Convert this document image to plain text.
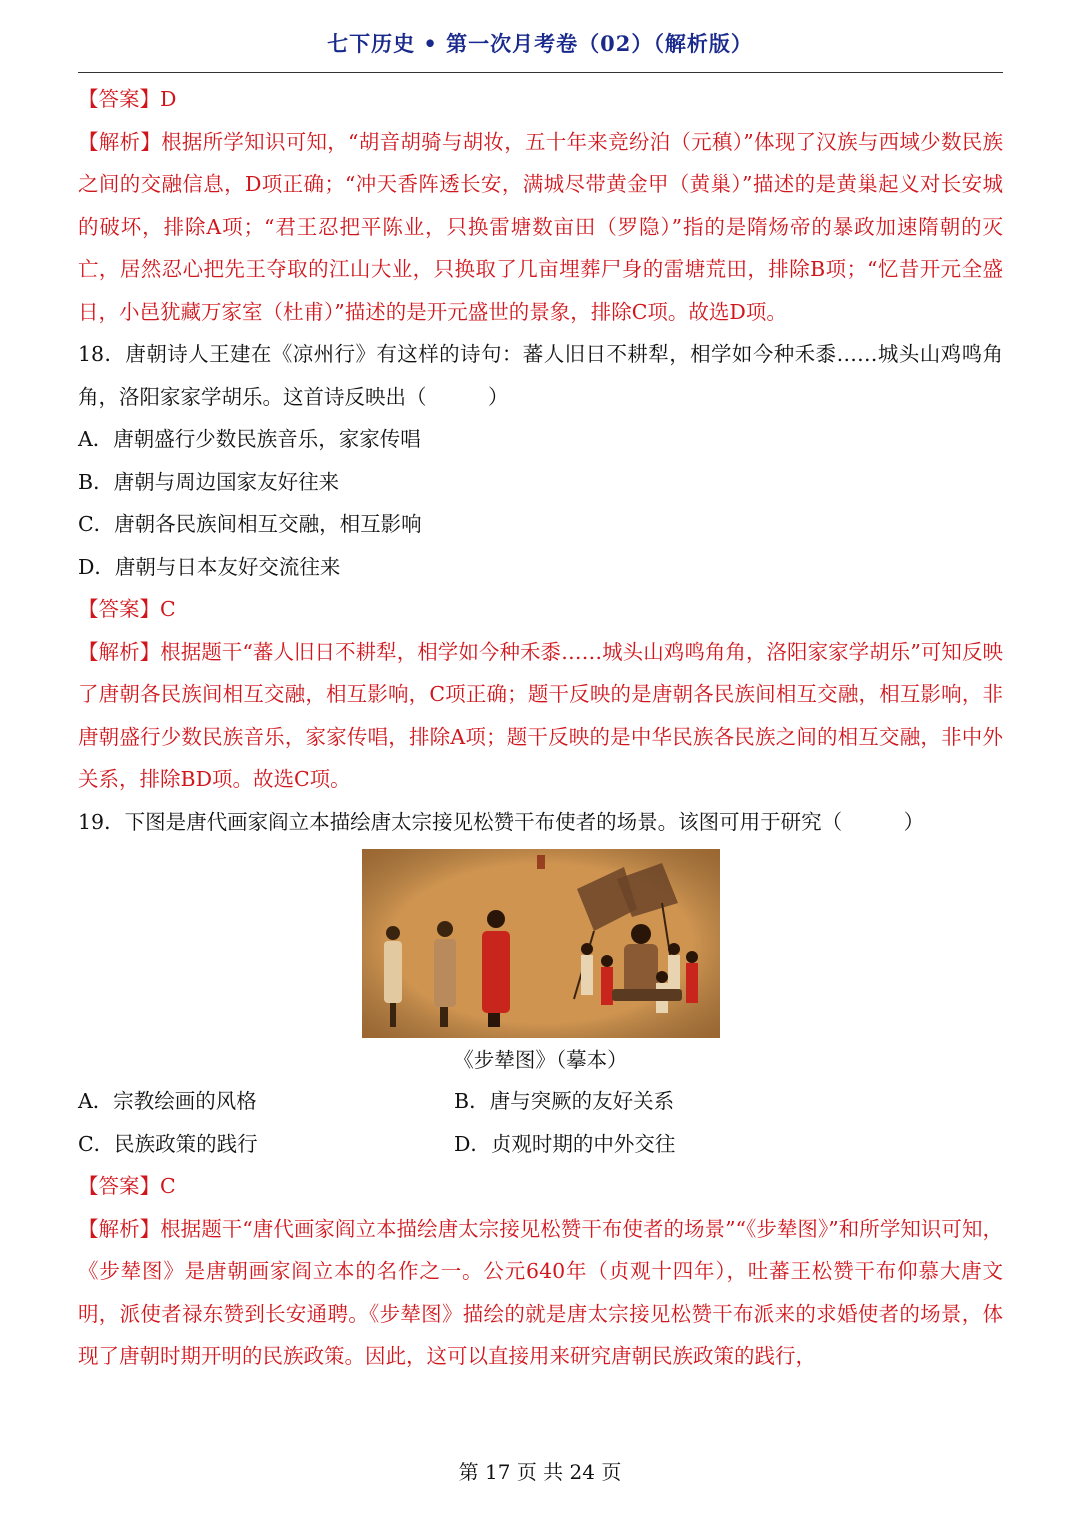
七下历史 • 第一次月考卷（02）（解析版）

【答案】D

【解析】根据所学知识可知，“胡音胡骑与胡妆，五十年来竞纷泊（元稹）”体现了汉族与西域少数民族之间的交融信息，D项正确；“冲天香阵透长安，满城尽带黄金甲（黄巢）”描述的是黄巢起义对长安城的破坏，排除A项；“君王忍把平陈业，只换雷塘数亩田（罗隐）”指的是隋炀帝的暴政加速隋朝的灭亡，居然忍心把先王夺取的江山大业，只换取了几亩埋葬尸身的雷塘荒田，排除B项；“忆昔开元全盛日，小邑犹藏万家室（杜甫）”描述的是开元盛世的景象，排除C项。故选D项。

18．唐朝诗人王建在《凉州行》有这样的诗句：蕃人旧日不耕犁，相学如今种禾黍……城头山鸡鸣角角，洛阳家家学胡乐。这首诗反映出（　　　）

A．唐朝盛行少数民族音乐，家家传唱

B．唐朝与周边国家友好往来

C．唐朝各民族间相互交融，相互影响

D．唐朝与日本友好交流往来

【答案】C

【解析】根据题干“蕃人旧日不耕犁，相学如今种禾黍……城头山鸡鸣角角，洛阳家家学胡乐”可知反映了唐朝各民族间相互交融，相互影响，C项正确；题干反映的是唐朝各民族间相互交融，相互影响，非唐朝盛行少数民族音乐，家家传唱，排除A项；题干反映的是中华民族各民族之间的相互交融，非中外关系，排除BD项。故选C项。

19．下图是唐代画家阎立本描绘唐太宗接见松赞干布使者的场景。该图可用于研究（　　　）

《步辇图》（摹本）

A．宗教绘画的风格	B．唐与突厥的友好关系
C．民族政策的践行	D．贞观时期的中外交往

【答案】C

【解析】根据题干“唐代画家阎立本描绘唐太宗接见松赞干布使者的场景”“《步辇图》”和所学知识可知，《步辇图》是唐朝画家阎立本的名作之一。公元640年（贞观十四年），吐蕃王松赞干布仰慕大唐文明，派使者禄东赞到长安通聘。《步辇图》描绘的就是唐太宗接见松赞干布派来的求婚使者的场景，体现了唐朝时期开明的民族政策。因此，这可以直接用来研究唐朝民族政策的践行，

第 17 页 共 24 页
